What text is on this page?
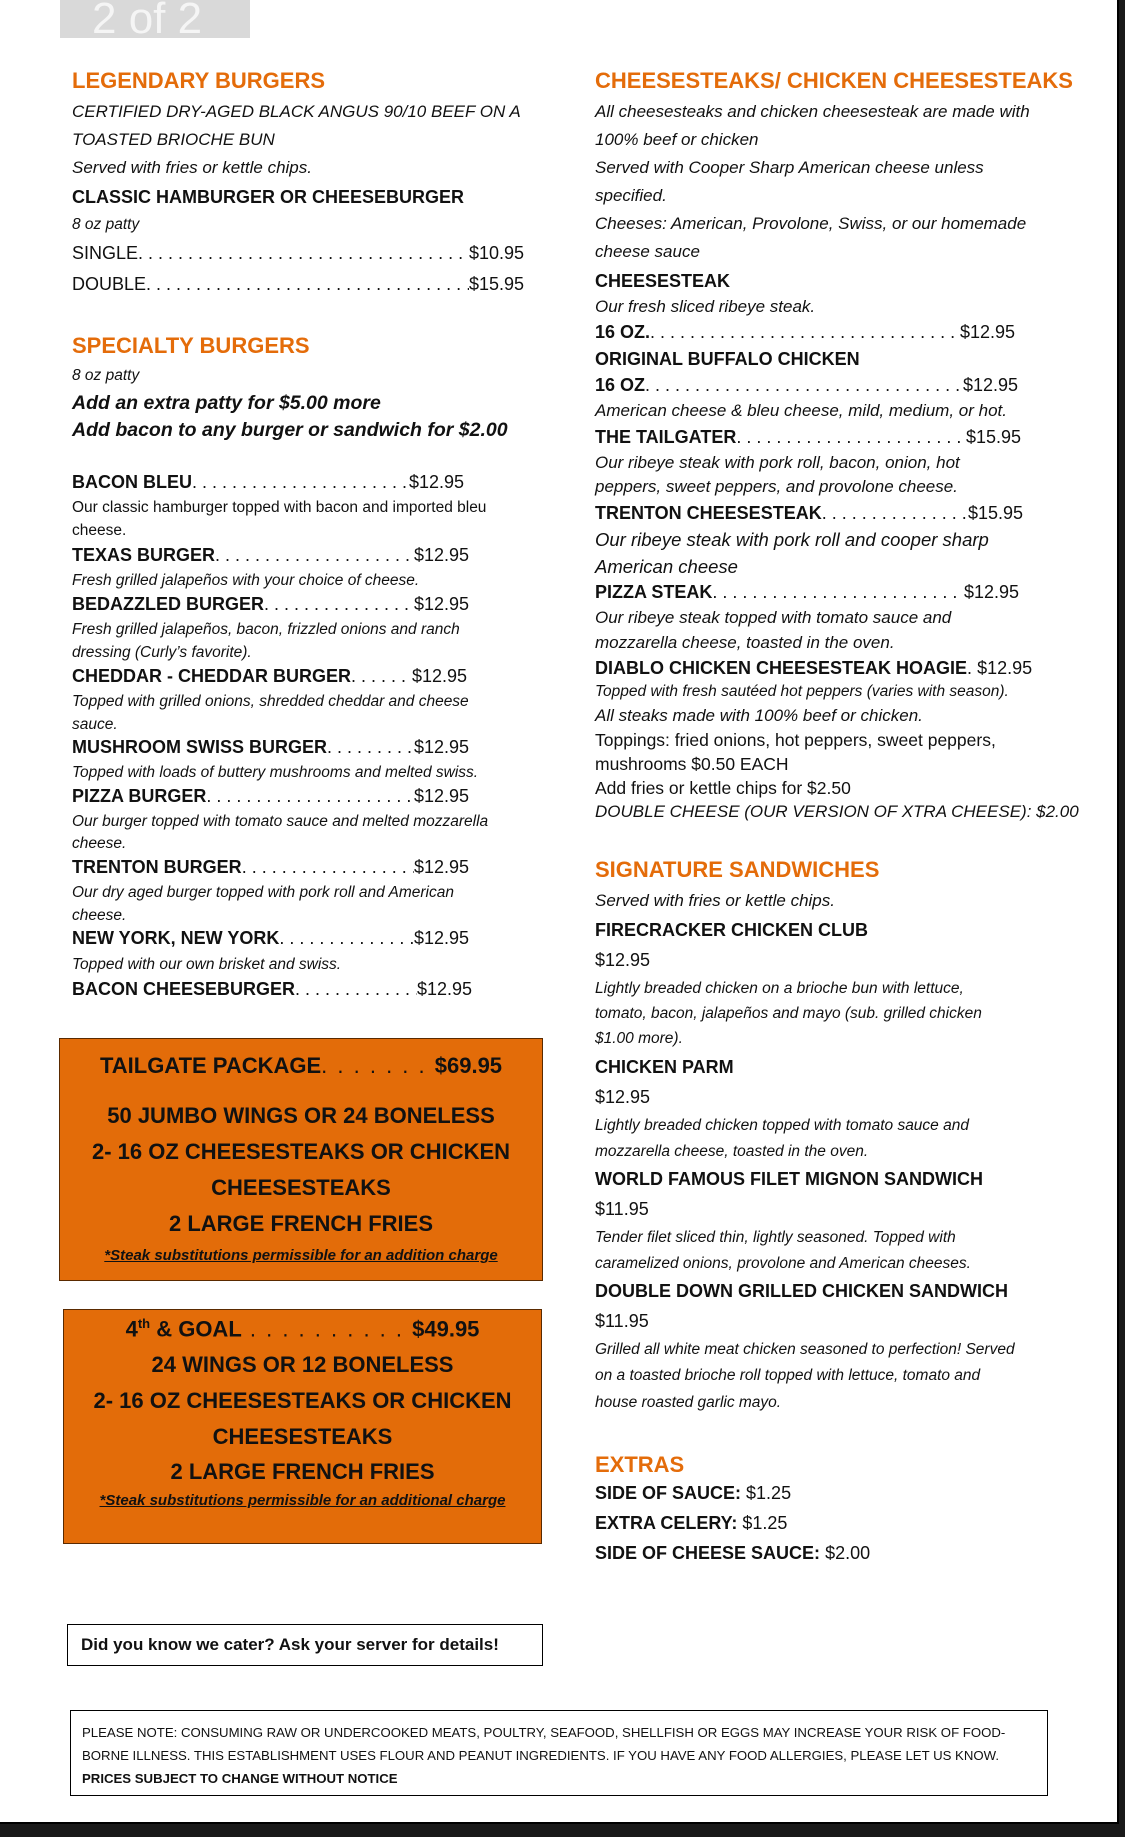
2 of 2
LEGENDARY BURGERS
CERTIFIED DRY-AGED BLACK ANGUS 90/10 BEEF ON A
TOASTED BRIOCHE BUN
Served with fries or kettle chips.
CLASSIC HAMBURGER OR CHEESEBURGER
8 oz patty
SINGLE . . .	$10.95
DOUBLE . . .	$15.95
SPECIALTY BURGERS
8 oz patty
Add an extra patty for $5.00 more
Add bacon to any burger or sandwich for $2.00
BACON BLEU . . .	$12.95
Our classic hamburger topped with bacon and imported bleu
cheese.
TEXAS BURGER . . .	$12.95
Fresh grilled jalapeños with your choice of cheese.
BEDAZZLED BURGER . . .	$12.95
Fresh grilled jalapeños, bacon, frizzled onions and ranch
dressing (Curly’s favorite).
CHEDDAR - CHEDDAR BURGER . . .	$12.95
Topped with grilled onions, shredded cheddar and cheese
sauce.
MUSHROOM SWISS BURGER . . .	$12.95
Topped with loads of buttery mushrooms and melted swiss.
PIZZA BURGER . . .	$12.95
Our burger topped with tomato sauce and melted mozzarella
cheese.
TRENTON BURGER . . .	$12.95
Our dry aged burger topped with pork roll and American
cheese.
NEW YORK, NEW YORK . . .	$12.95
Topped with our own brisket and swiss.
BACON CHEESEBURGER . . .	$12.95
TAILGATE PACKAGE. . . . . . . $69.95
50 JUMBO WINGS OR 24 BONELESS
2- 16 OZ CHEESESTEAKS OR CHICKEN
CHEESESTEAKS
2 LARGE FRENCH FRIES
*Steak substitutions permissible for an addition charge
4th & GOAL . . . . . . . . . . $49.95
24 WINGS OR 12 BONELESS
2- 16 OZ CHEESESTEAKS OR CHICKEN
CHEESESTEAKS
2 LARGE FRENCH FRIES
*Steak substitutions permissible for an additional charge
Did you know we cater? Ask your server for details!
CHEESESTEAKS/ CHICKEN CHEESESTEAKS
All cheesesteaks and chicken cheesesteak are made with
100% beef or chicken
Served with Cooper Sharp American cheese unless
specified.
Cheeses: American, Provolone, Swiss, or our homemade
cheese sauce
CHEESESTEAK
Our fresh sliced ribeye steak.
16 OZ. . . .	$12.95
ORIGINAL BUFFALO CHICKEN
16 OZ . . .	$12.95
American cheese & bleu cheese, mild, medium, or hot.
THE TAILGATER . . .	$15.95
Our ribeye steak with pork roll, bacon, onion, hot
peppers, sweet peppers, and provolone cheese.
TRENTON CHEESESTEAK . . .	$15.95
Our ribeye steak with pork roll and cooper sharp
American cheese
PIZZA STEAK . . .	$12.95
Our ribeye steak topped with tomato sauce and
mozzarella cheese, toasted in the oven.
DIABLO CHICKEN CHEESESTEAK HOAGIE. $12.95
Topped with fresh sautéed hot peppers (varies with season).
All steaks made with 100% beef or chicken.
Toppings: fried onions, hot peppers, sweet peppers,
mushrooms $0.50 EACH
Add fries or kettle chips for $2.50
DOUBLE CHEESE (OUR VERSION OF XTRA CHEESE): $2.00
SIGNATURE SANDWICHES
Served with fries or kettle chips.
FIRECRACKER CHICKEN CLUB
$12.95
Lightly breaded chicken on a brioche bun with lettuce,
tomato, bacon, jalapeños and mayo (sub. grilled chicken
$1.00 more).
CHICKEN PARM
$12.95
Lightly breaded chicken topped with tomato sauce and
mozzarella cheese, toasted in the oven.
WORLD FAMOUS FILET MIGNON SANDWICH
$11.95
Tender filet sliced thin, lightly seasoned. Topped with
caramelized onions, provolone and American cheeses.
DOUBLE DOWN GRILLED CHICKEN SANDWICH
$11.95
Grilled all white meat chicken seasoned to perfection! Served
on a toasted brioche roll topped with lettuce, tomato and
house roasted garlic mayo.
EXTRAS
SIDE OF SAUCE: $1.25
EXTRA CELERY: $1.25
SIDE OF CHEESE SAUCE: $2.00
PLEASE NOTE: CONSUMING RAW OR UNDERCOOKED MEATS, POULTRY, SEAFOOD, SHELLFISH OR EGGS MAY INCREASE YOUR RISK OF FOOD-
BORNE ILLNESS. THIS ESTABLISHMENT USES FLOUR AND PEANUT INGREDIENTS. IF YOU HAVE ANY FOOD ALLERGIES, PLEASE LET US KNOW.
PRICES SUBJECT TO CHANGE WITHOUT NOTICE
